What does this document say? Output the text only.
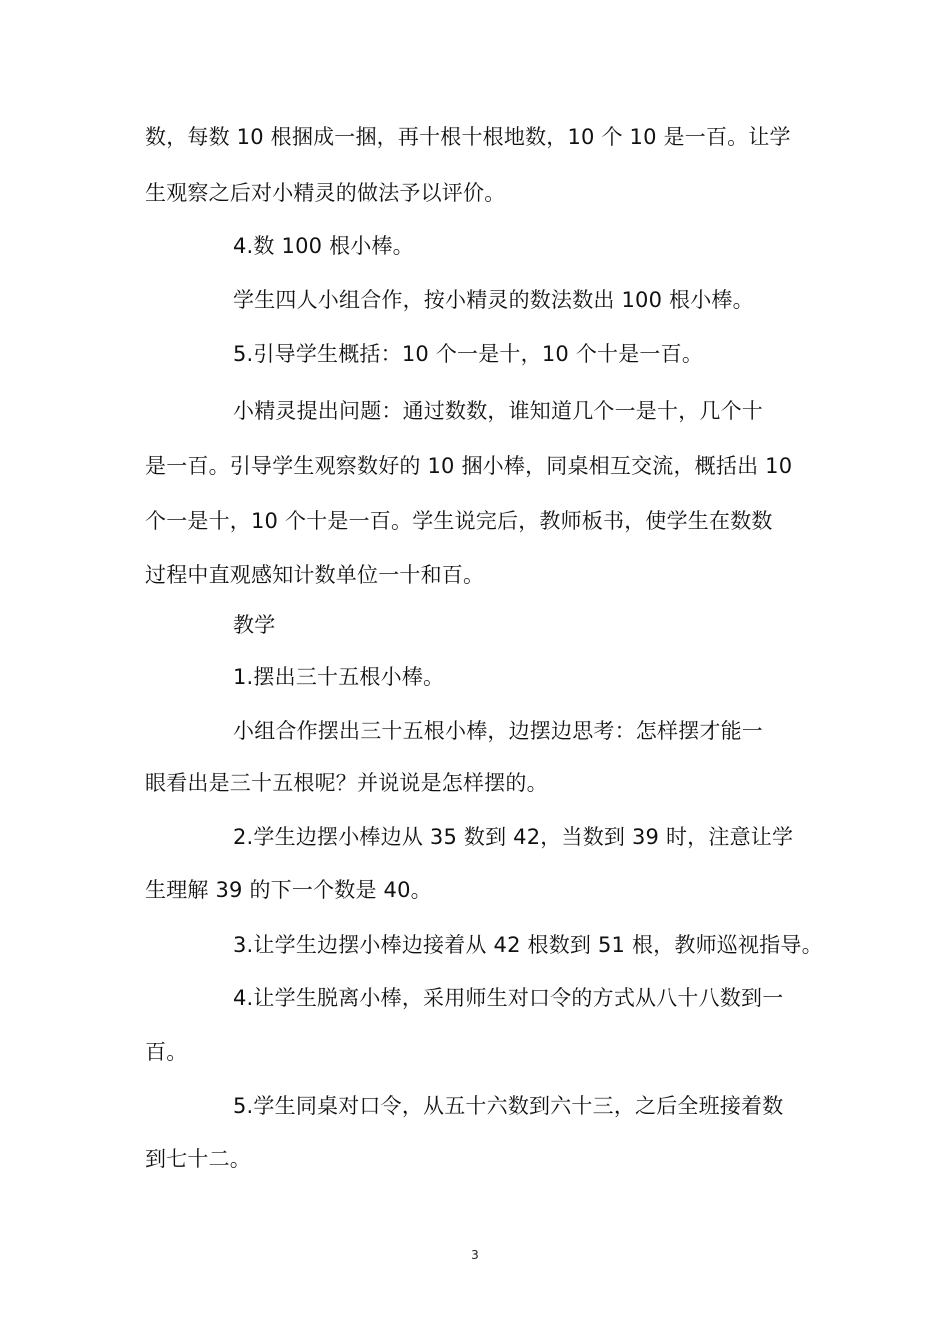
数，每数 10 根捆成一捆，再十根十根地数，10 个 10 是一百。让学
生观察之后对小精灵的做法予以评价。
4.数 100 根小棒。
学生四人小组合作，按小精灵的数法数出 100 根小棒。
5.引导学生概括：10 个一是十，10 个十是一百。
小精灵提出问题：通过数数，谁知道几个一是十，几个十
是一百。引导学生观察数好的 10 捆小棒，同桌相互交流，概括出 10
个一是十，10 个十是一百。学生说完后，教师板书，使学生在数数
过程中直观感知计数单位一十和百。
教学
1.摆出三十五根小棒。
小组合作摆出三十五根小棒，边摆边思考：怎样摆才能一
眼看出是三十五根呢？并说说是怎样摆的。
2.学生边摆小棒边从 35 数到 42，当数到 39 时，注意让学
生理解 39 的下一个数是 40。
3.让学生边摆小棒边接着从 42 根数到 51 根，教师巡视指导。
4.让学生脱离小棒，采用师生对口令的方式从八十八数到一
百。
5.学生同桌对口令，从五十六数到六十三，之后全班接着数
到七十二。
3
